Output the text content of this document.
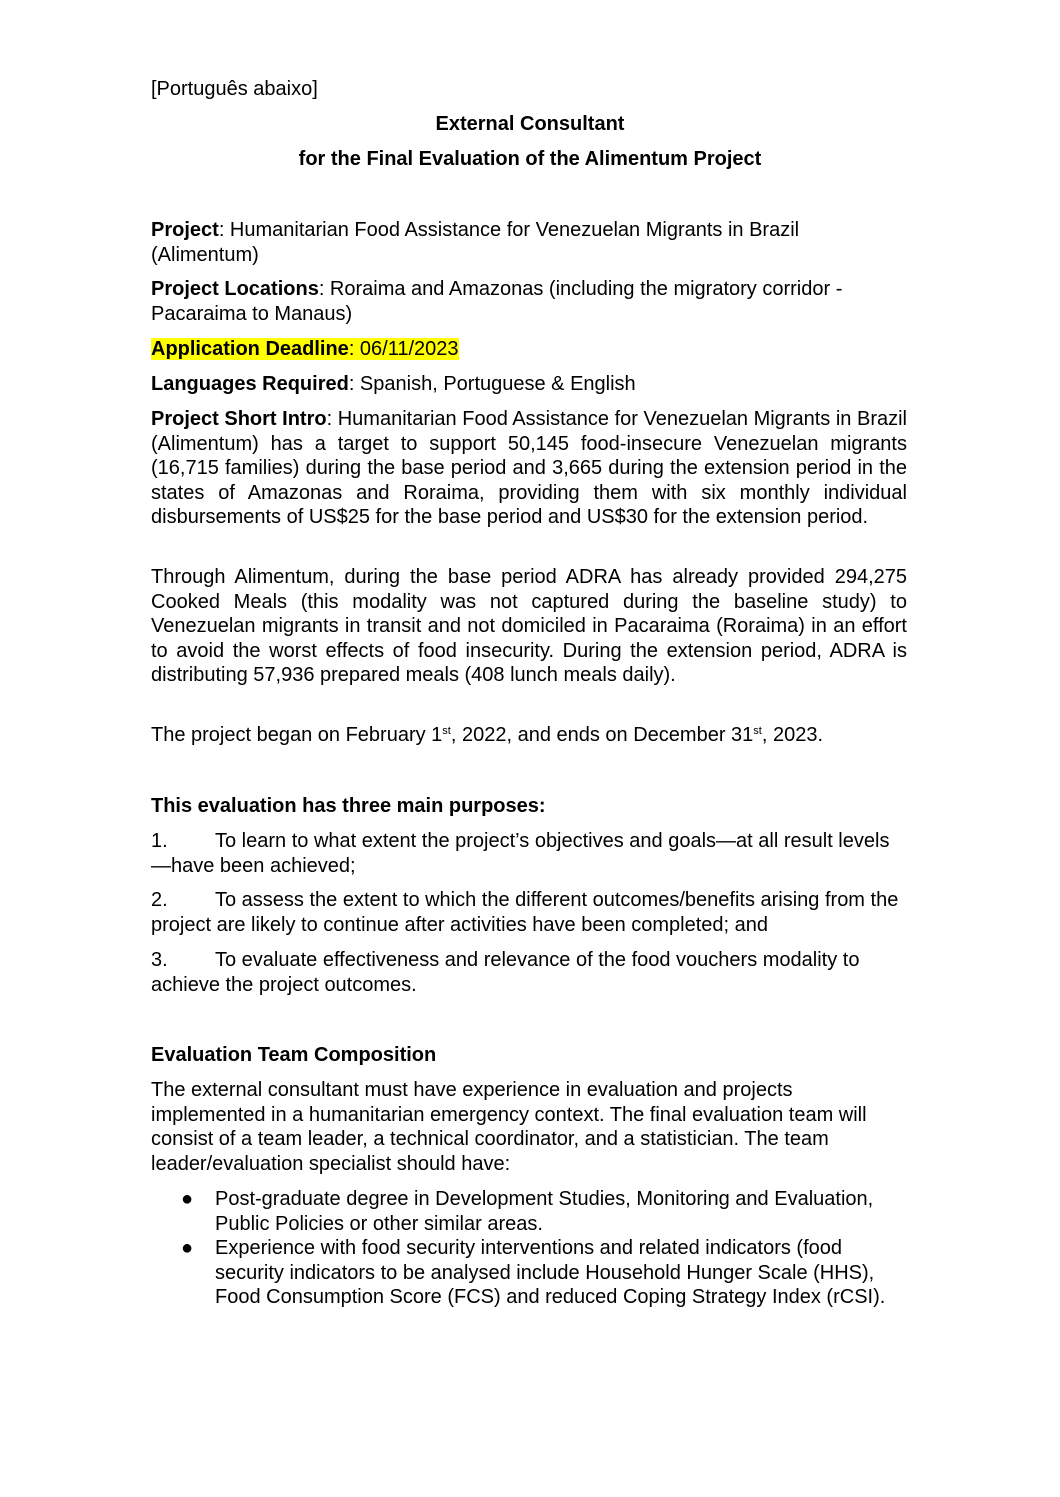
[Português abaixo]

External Consultant

for the Final Evaluation of the Alimentum Project

Project: Humanitarian Food Assistance for Venezuelan Migrants in Brazil (Alimentum)

Project Locations: Roraima and Amazonas (including the migratory corridor -Pacaraima to Manaus)

Application Deadline: 06/11/2023

Languages Required: Spanish, Portuguese & English

Project Short Intro: Humanitarian Food Assistance for Venezuelan Migrants in Brazil (Alimentum) has a target to support 50,145 food-insecure Venezuelan migrants (16,715 families) during the base period and 3,665 during the extension period in the states of Amazonas and Roraima, providing them with six monthly individual disbursements of US$25 for the base period and US$30 for the extension period.

Through Alimentum, during the base period ADRA has already provided 294,275 Cooked Meals (this modality was not captured during the baseline study) to Venezuelan migrants in transit and not domiciled in Pacaraima (Roraima) in an effort to avoid the worst effects of food insecurity. During the extension period, ADRA is distributing 57,936 prepared meals (408 lunch meals daily).

The project began on February 1st, 2022, and ends on December 31st, 2023.

This evaluation has three main purposes:

1. To learn to what extent the project’s objectives and goals—at all result levels—have been achieved;

2. To assess the extent to which the different outcomes/benefits arising from the project are likely to continue after activities have been completed; and

3. To evaluate effectiveness and relevance of the food vouchers modality to achieve the project outcomes.

Evaluation Team Composition

The external consultant must have experience in evaluation and projects implemented in a humanitarian emergency context. The final evaluation team will consist of a team leader, a technical coordinator, and a statistician. The team leader/evaluation specialist should have:

● Post-graduate degree in Development Studies, Monitoring and Evaluation, Public Policies or other similar areas.
● Experience with food security interventions and related indicators (food security indicators to be analysed include Household Hunger Scale (HHS), Food Consumption Score (FCS) and reduced Coping Strategy Index (rCSI).
